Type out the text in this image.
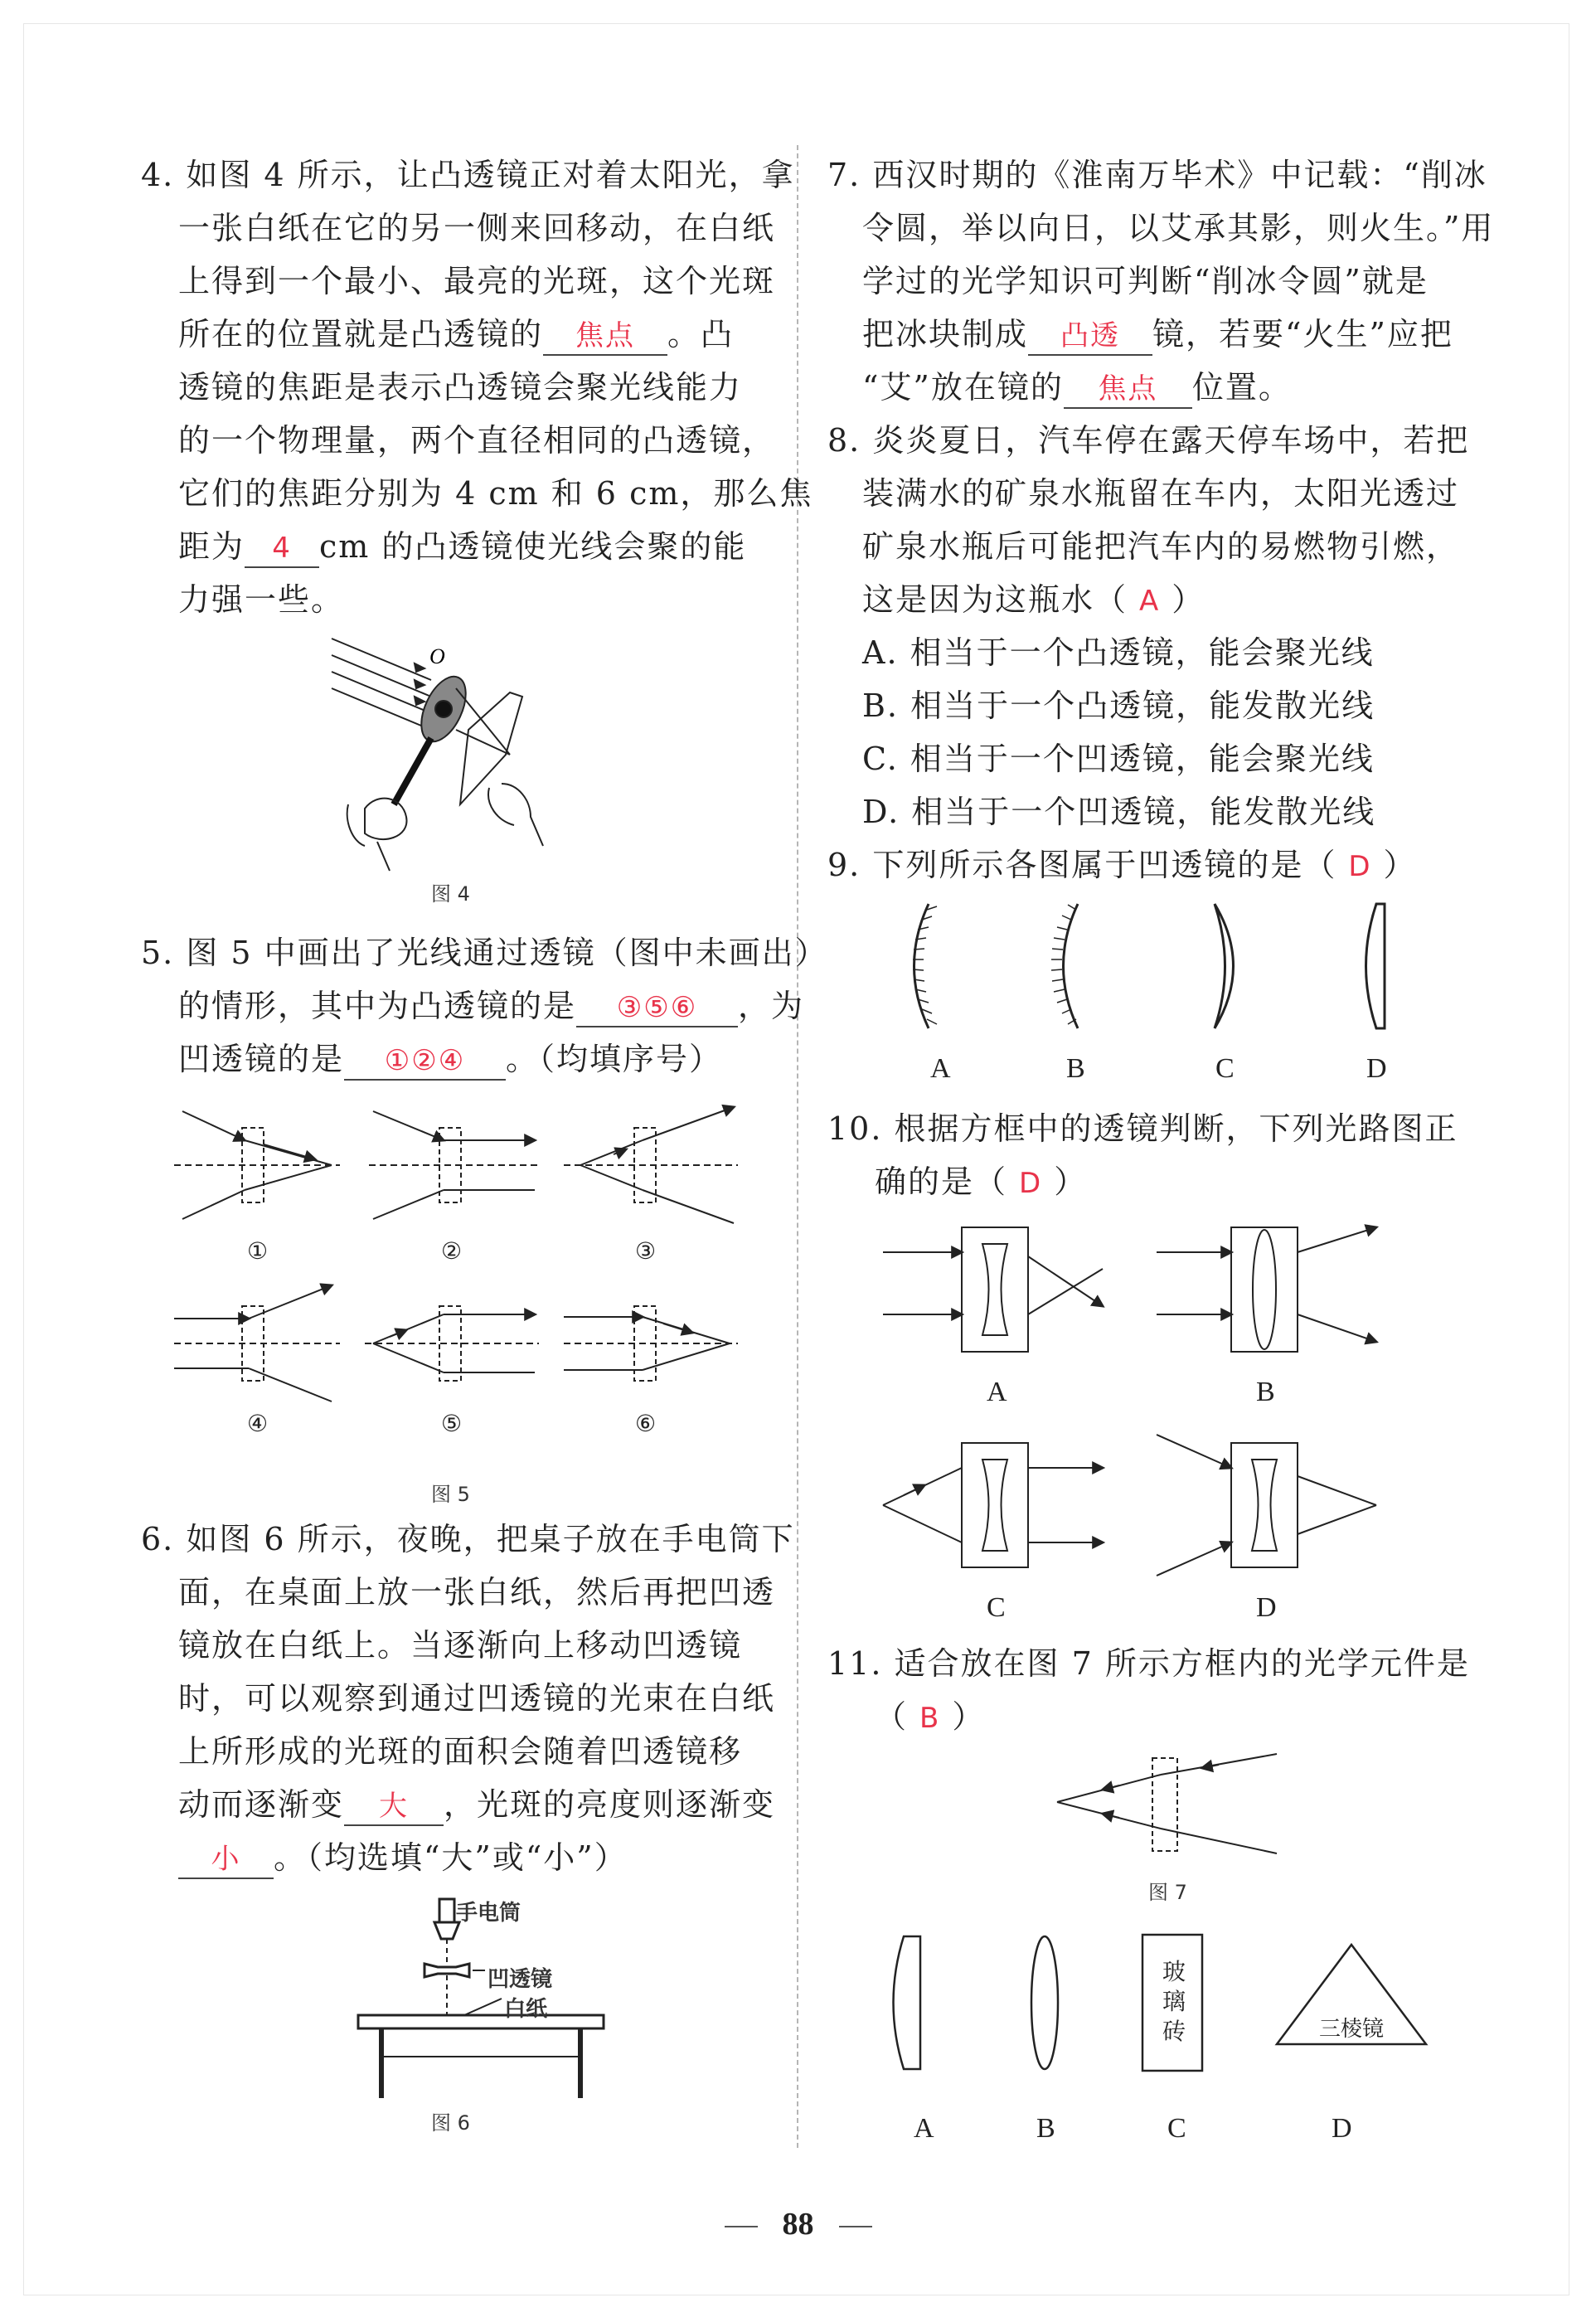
4. 如图 4 所示，让凸透镜正对着太阳光，拿
一张白纸在它的另一侧来回移动，在白纸
上得到一个最小、最亮的光斑，这个光斑
所在的位置就是凸透镜的 焦点 。凸
透镜的焦距是表示凸透镜会聚光线能力
的一个物理量，两个直径相同的凸透镜，
它们的焦距分别为 4 cm 和 6 cm，那么焦
距为 4 cm 的凸透镜使光线会聚的能
力强一些。
O
图 4
5. 图 5 中画出了光线通过透镜（图中未画出）
的情形，其中为凸透镜的是 ③⑤⑥ ，为
凹透镜的是 ①②④ 。（均填序号）
①	②	③
④	⑤	⑥
图 5
6. 如图 6 所示，夜晚，把桌子放在手电筒下
面，在桌面上放一张白纸，然后再把凹透
镜放在白纸上。当逐渐向上移动凹透镜
时，可以观察到通过凹透镜的光束在白纸
上所形成的光斑的面积会随着凹透镜移
动而逐渐变 大 ，光斑的亮度则逐渐变
小 。（均选填“大”或“小”）
手电筒
凹透镜
白纸
图 6
7. 西汉时期的《淮南万毕术》中记载：“削冰
令圆，举以向日，以艾承其影，则火生。”用
学过的光学知识可判断“削冰令圆”就是
把冰块制成 凸透 镜，若要“火生”应把
“艾”放在镜的 焦点 位置。
8. 炎炎夏日，汽车停在露天停车场中，若把
装满水的矿泉水瓶留在车内，太阳光透过
矿泉水瓶后可能把汽车内的易燃物引燃，
这是因为这瓶水（ A ）
A. 相当于一个凸透镜，能会聚光线
B. 相当于一个凸透镜，能发散光线
C. 相当于一个凹透镜，能会聚光线
D. 相当于一个凹透镜，能发散光线
9. 下列所示各图属于凹透镜的是（ D ）
A	B	C	D
10. 根据方框中的透镜判断，下列光路图正
确的是（ D ）
A	B
C	D
11. 适合放在图 7 所示方框内的光学元件是
（ B ）
图 7
玻璃砖	三棱镜
A	B	C	D
88
